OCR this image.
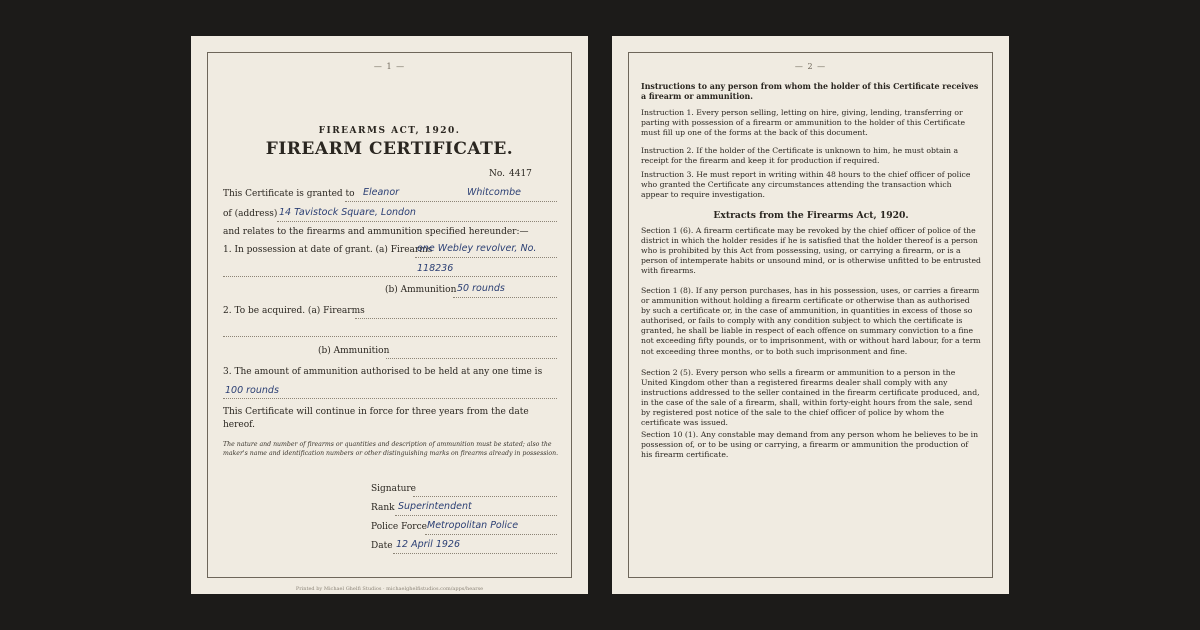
— 1 —
FIREARMS ACT, 1920.
FIREARM CERTIFICATE.
No. 4417
This Certificate is granted to Eleanor	Whitcombe
of (address) 14 Tavistock Square, London
and relates to the firearms and ammunition specified hereunder:—
1. In possession at date of grant. (a) Firearms
one Webley revolver, No.
118236
(b) Ammunition 50 rounds
2. To be acquired. (a) Firearms
(b) Ammunition
3. The amount of ammunition authorised to be held at any one time is
100 rounds
This Certificate will continue in force for three years from the date
hereof.
The nature and number of firearms or quantities and description of ammunition must be stated; also the maker's name and identification numbers or other distinguishing marks on firearms already in possession.
Signature
Rank Superintendent
Police Force Metropolitan Police
Date 12 April 1926
Printed by Michael Ghelfi Studios · michaelghelfistudios.com/apps/hearse
— 2 —
Instructions to any person from whom the holder of this Certificate receives a firearm or ammunition.
Instruction 1. Every person selling, letting on hire, giving, lending, transferring or parting with possession of a firearm or ammunition to the holder of this Certificate must fill up one of the forms at the back of this document.
Instruction 2. If the holder of the Certificate is unknown to him, he must obtain a receipt for the firearm and keep it for production if required.
Instruction 3. He must report in writing within 48 hours to the chief officer of police who granted the Certificate any circumstances attending the transaction which appear to require investigation.
Extracts from the Firearms Act, 1920.
Section 1 (6). A firearm certificate may be revoked by the chief officer of police of the district in which the holder resides if he is satisfied that the holder thereof is a person who is prohibited by this Act from possessing, using, or carrying a firearm, or is a person of intemperate habits or unsound mind, or is otherwise unfitted to be entrusted with firearms.
Section 1 (8). If any person purchases, has in his possession, uses, or carries a firearm or ammunition without holding a firearm certificate or otherwise than as authorised by such a certificate or, in the case of ammunition, in quantities in excess of those so authorised, or fails to comply with any condition subject to which the certificate is granted, he shall be liable in respect of each offence on summary conviction to a fine not exceeding fifty pounds, or to imprisonment, with or without hard labour, for a term not exceeding three months, or to both such imprisonment and fine.
Section 2 (5). Every person who sells a firearm or ammunition to a person in the United Kingdom other than a registered firearms dealer shall comply with any instructions addressed to the seller contained in the firearm certificate produced, and, in the case of the sale of a firearm, shall, within forty-eight hours from the sale, send by registered post notice of the sale to the chief officer of police by whom the certificate was issued.
Section 10 (1). Any constable may demand from any person whom he believes to be in possession of, or to be using or carrying, a firearm or ammunition the production of his firearm certificate.
